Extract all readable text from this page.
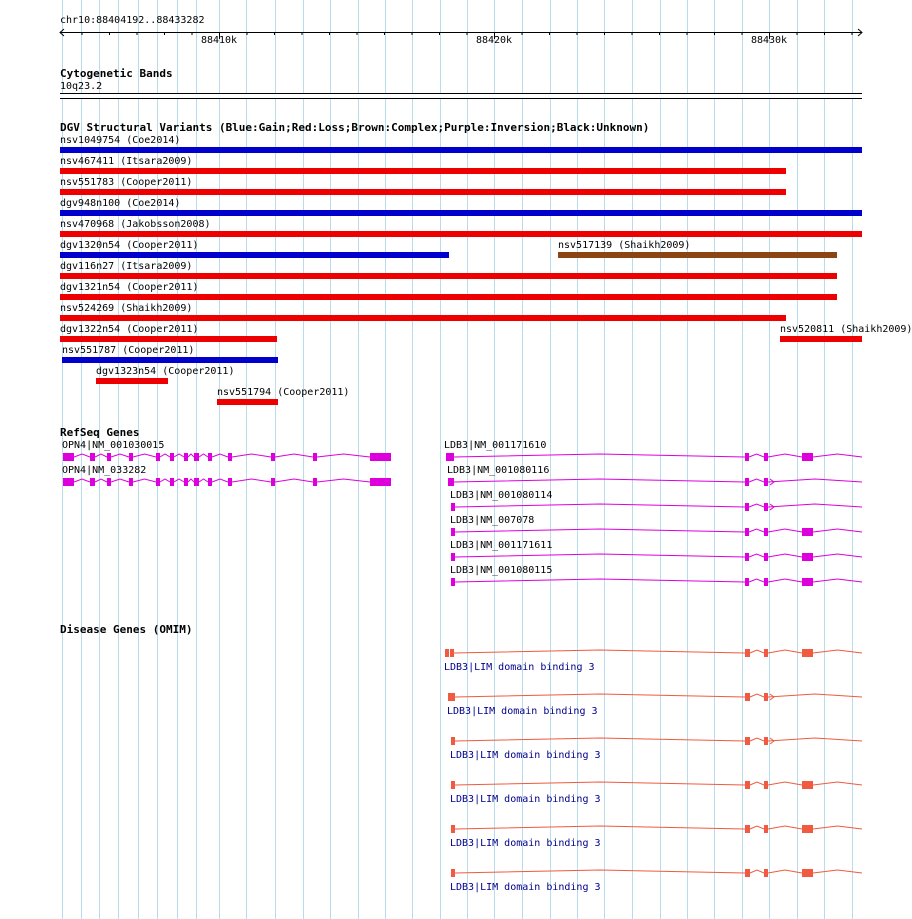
chr10:88404192..88433282
88410k	88420k	88430k
Cytogenetic Bands
10q23.2
DGV Structural Variants (Blue:Gain;Red:Loss;Brown:Complex;Purple:Inversion;Black:Unknown)
nsv1049754 (Coe2014)
nsv467411 (Itsara2009)
nsv551783 (Cooper2011)
dgv948n100 (Coe2014)
nsv470968 (Jakobsson2008)
dgv1320n54 (Cooper2011)	nsv517139 (Shaikh2009)
dgv116n27 (Itsara2009)
dgv1321n54 (Cooper2011)
nsv524269 (Shaikh2009)
dgv1322n54 (Cooper2011)	nsv520811 (Shaikh2009)
nsv551787 (Cooper2011)
dgv1323n54 (Cooper2011)
nsv551794 (Cooper2011)
RefSeq Genes
OPN4|NM_001030015
OPN4|NM_033282
LDB3|NM_001171610
LDB3|NM_001080116
LDB3|NM_001080114
LDB3|NM_007078
LDB3|NM_001171611
LDB3|NM_001080115
Disease Genes (OMIM)
LDB3|LIM domain binding 3
LDB3|LIM domain binding 3
LDB3|LIM domain binding 3
LDB3|LIM domain binding 3
LDB3|LIM domain binding 3
LDB3|LIM domain binding 3
